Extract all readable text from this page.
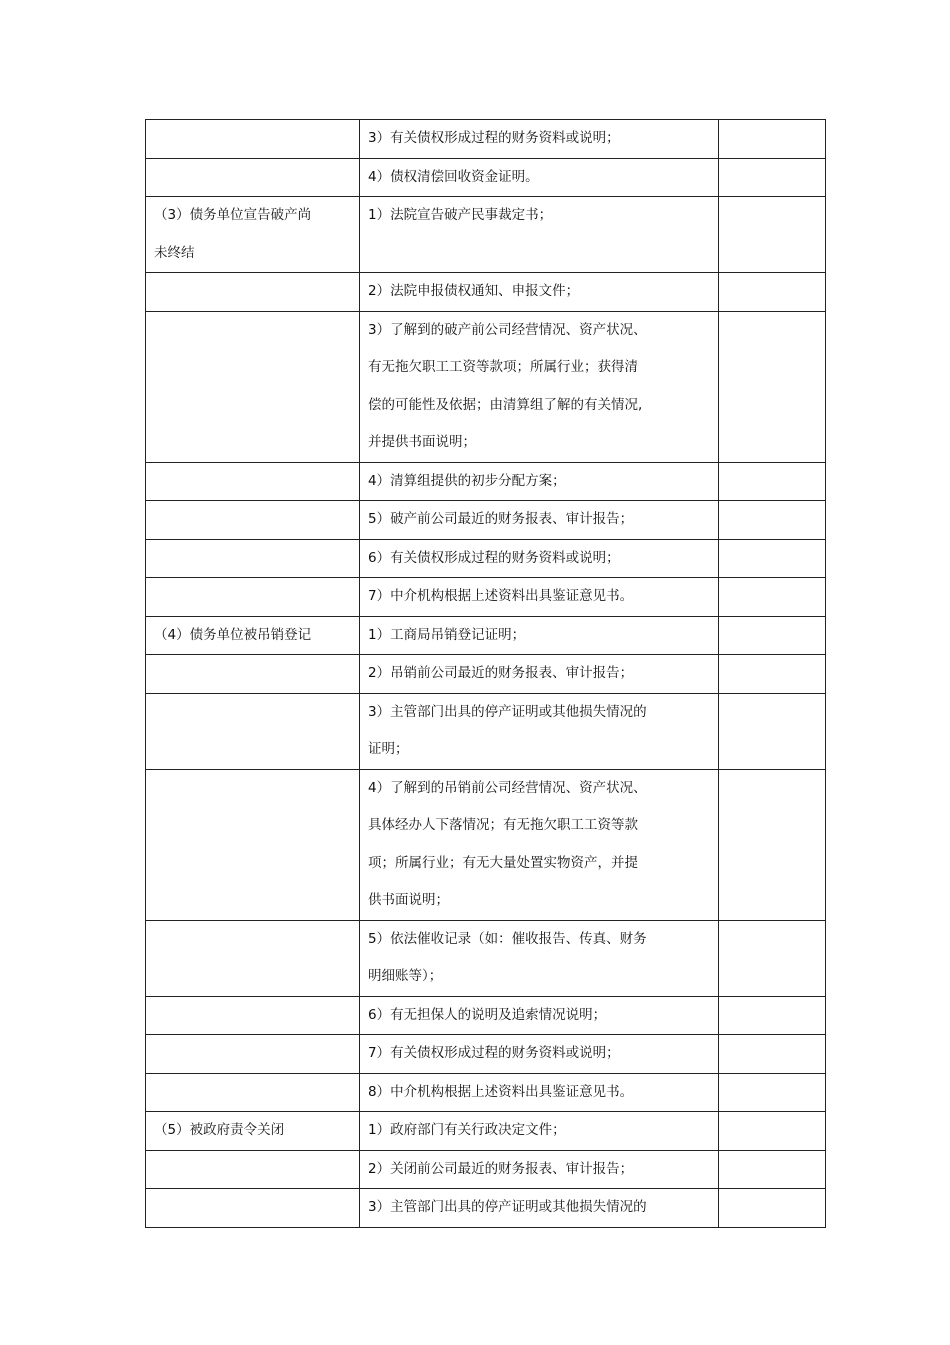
	3）有关债权形成过程的财务资料或说明；	
	4）债权清偿回收资金证明。	
（3）债务单位宣告破产尚
未终结	1）法院宣告破产民事裁定书；	
	2）法院申报债权通知、申报文件；	
	3）了解到的破产前公司经营情况、资产状况、
有无拖欠职工工资等款项；所属行业；获得清
偿的可能性及依据；由清算组了解的有关情况,
并提供书面说明；	
	4）清算组提供的初步分配方案；	
	5）破产前公司最近的财务报表、审计报告；	
	6）有关债权形成过程的财务资料或说明；	
	7）中介机构根据上述资料出具鉴证意见书。	
（4）债务单位被吊销登记	1）工商局吊销登记证明；	
	2）吊销前公司最近的财务报表、审计报告；	
	3）主管部门出具的停产证明或其他损失情况的
证明；	
	4）了解到的吊销前公司经营情况、资产状况、
具体经办人下落情况；有无拖欠职工工资等款
项；所属行业；有无大量处置实物资产，并提
供书面说明；	
	5）依法催收记录（如：催收报告、传真、财务
明细账等）；	
	6）有无担保人的说明及追索情况说明；	
	7）有关债权形成过程的财务资料或说明；	
	8）中介机构根据上述资料出具鉴证意见书。	
（5）被政府责令关闭	1）政府部门有关行政决定文件；	
	2）关闭前公司最近的财务报表、审计报告；	
	3）主管部门出具的停产证明或其他损失情况的	
